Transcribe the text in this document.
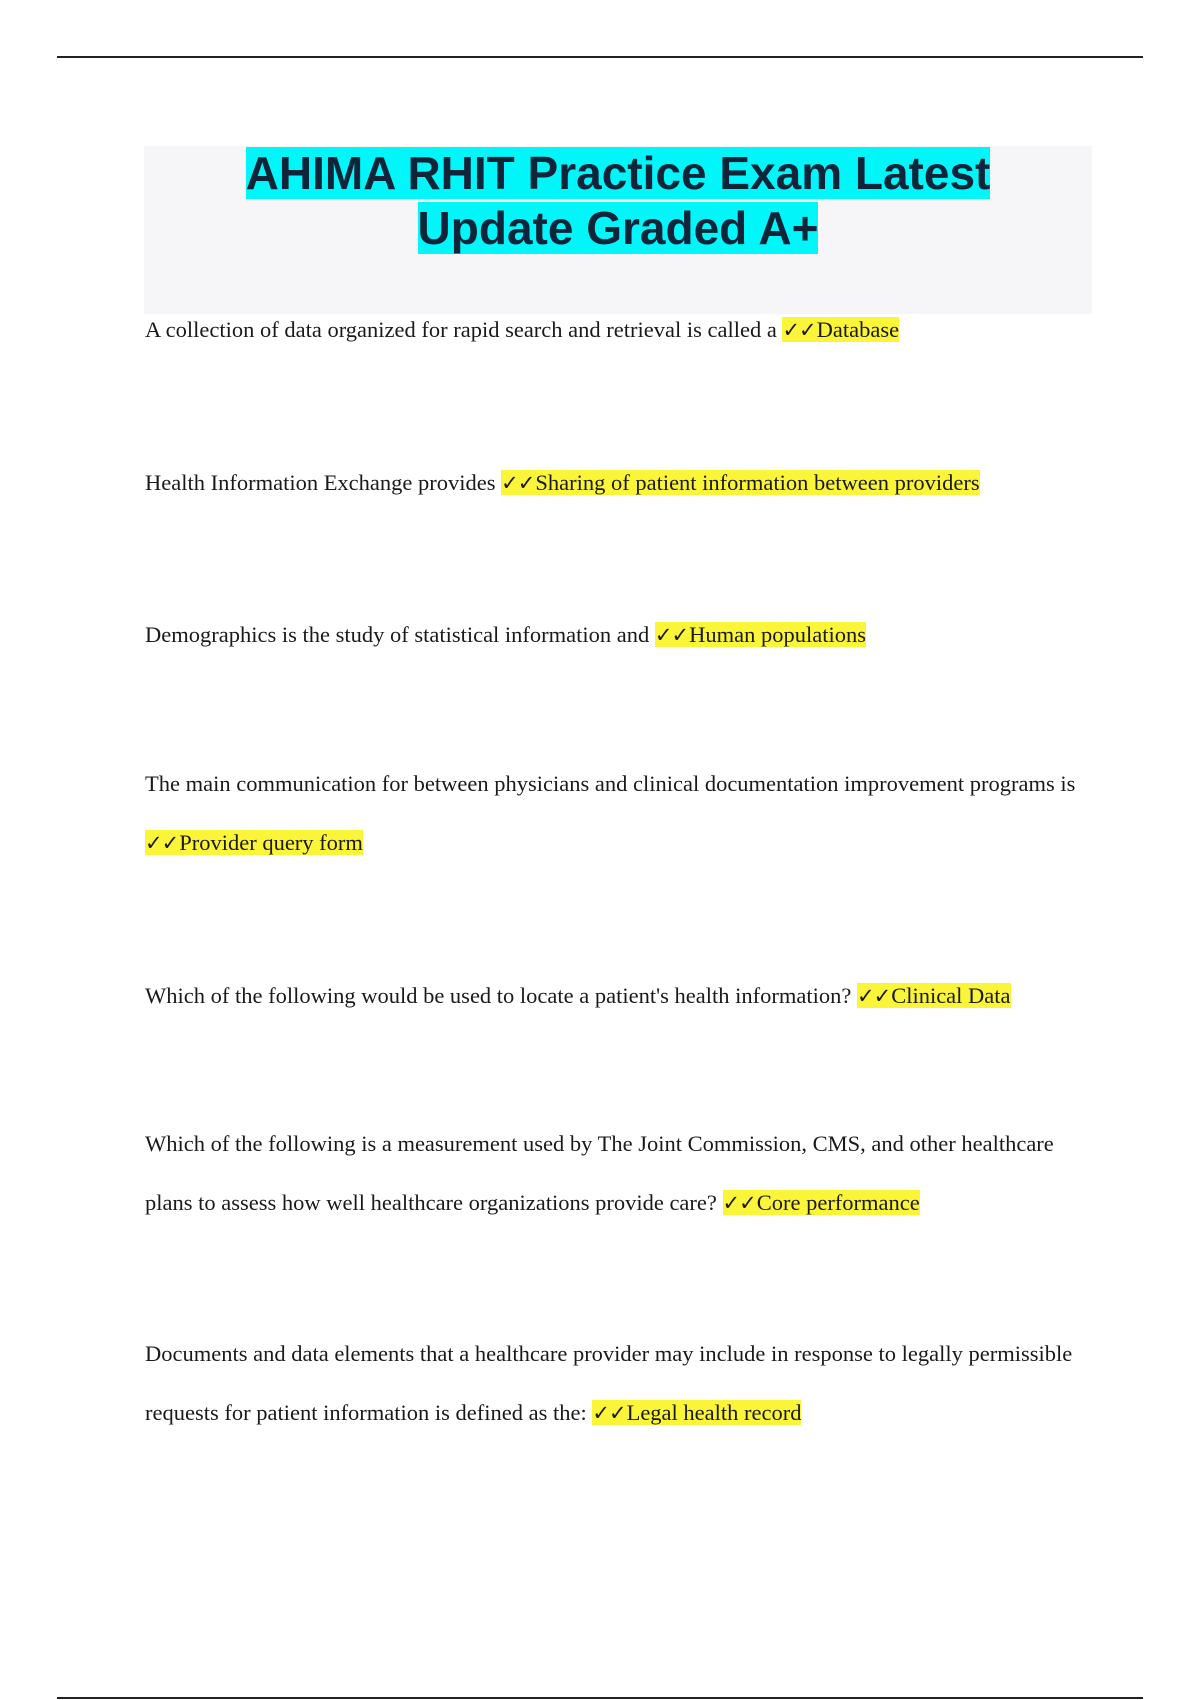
AHIMA RHIT Practice Exam Latest
Update Graded A+

A collection of data organized for rapid search and retrieval is called a ✓✓Database

Health Information Exchange provides ✓✓Sharing of patient information between providers

Demographics is the study of statistical information and ✓✓Human populations

The main communication for between physicians and clinical documentation improvement programs is ✓✓Provider query form

Which of the following would be used to locate a patient's health information? ✓✓Clinical Data

Which of the following is a measurement used by The Joint Commission, CMS, and other healthcare plans to assess how well healthcare organizations provide care? ✓✓Core performance

Documents and data elements that a healthcare provider may include in response to legally permissible requests for patient information is defined as the: ✓✓Legal health record
